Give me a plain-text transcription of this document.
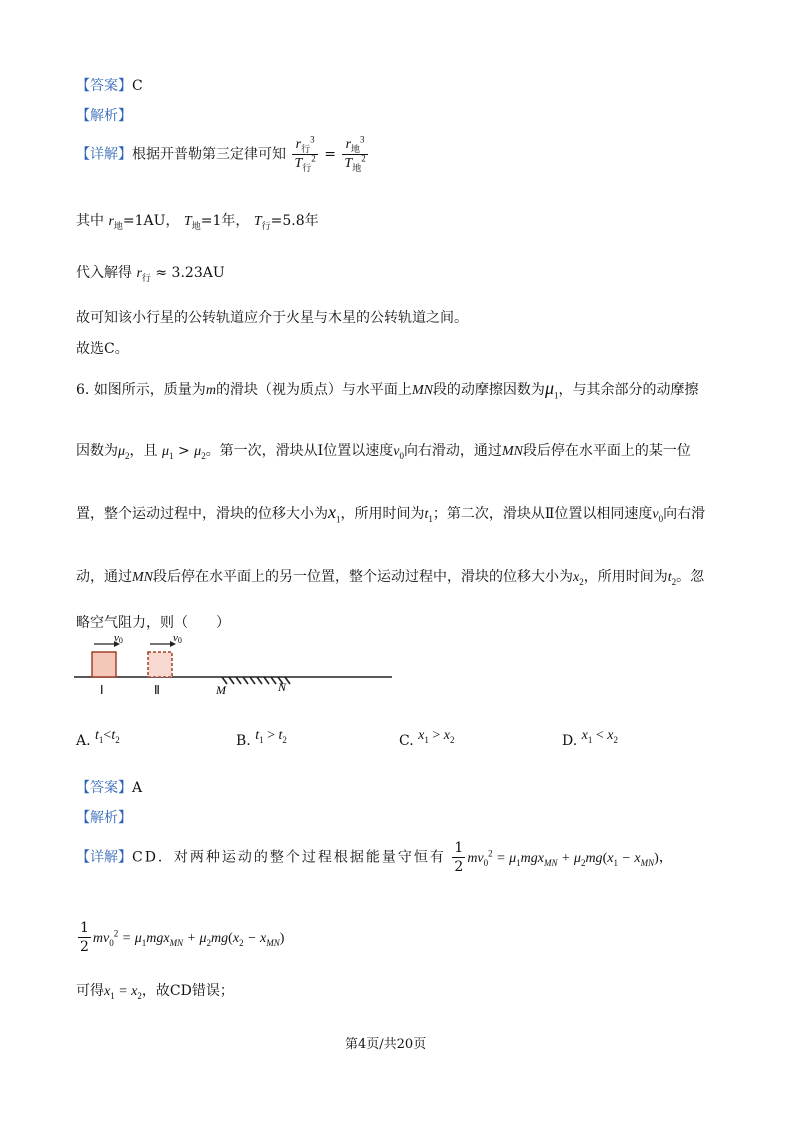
【答案】C
【解析】
【详解】根据开普勒第三定律可知 $\frac{r_行^3}{T_行^2} = \frac{r_地^3}{T_地^2}$
其中 $r_地=1AU$， $T_地=1$年， $T_行=5.8$年
代入解得 $r_行 \approx 3.23AU$
故可知该小行星的公转轨道应介于火星与木星的公转轨道之间。
故选C。
6. 如图所示，质量为m的滑块（视为质点）与水平面上MN段的动摩擦因数为$\mu_1$，与其余部分的动摩擦
因数为$\mu_2$，且 $\mu_1 > \mu_2$。第一次，滑块从Ⅰ位置以速度$v_0$向右滑动，通过MN段后停在水平面上的某一位
置，整个运动过程中，滑块的位移大小为$x_1$，所用时间为$t_1$；第二次，滑块从Ⅱ位置以相同速度$v_0$向右滑
动，通过MN段后停在水平面上的另一位置，整个运动过程中，滑块的位移大小为$x_2$，所用时间为$t_2$。忽
略空气阻力，则（　　）
v0	v0
Ⅰ	Ⅱ	M	N
A. $t_1<t_2$	B. $t_1 > t_2$	C. $x_1 > x_2$	D. $x_1 < x_2$
【答案】A
【解析】
【详解】CD．对两种运动的整个过程根据能量守恒有 $\frac{1}{2} mv_0^2 = \mu_1mgx_{MN} + \mu_2mg(x_1 - x_{MN})$，
$\frac{1}{2} mv_0^2 = \mu_1mgx_{MN} + \mu_2mg(x_2 - x_{MN})$
可得$x_1 = x_2$，故CD错误；
第4页/共20页
